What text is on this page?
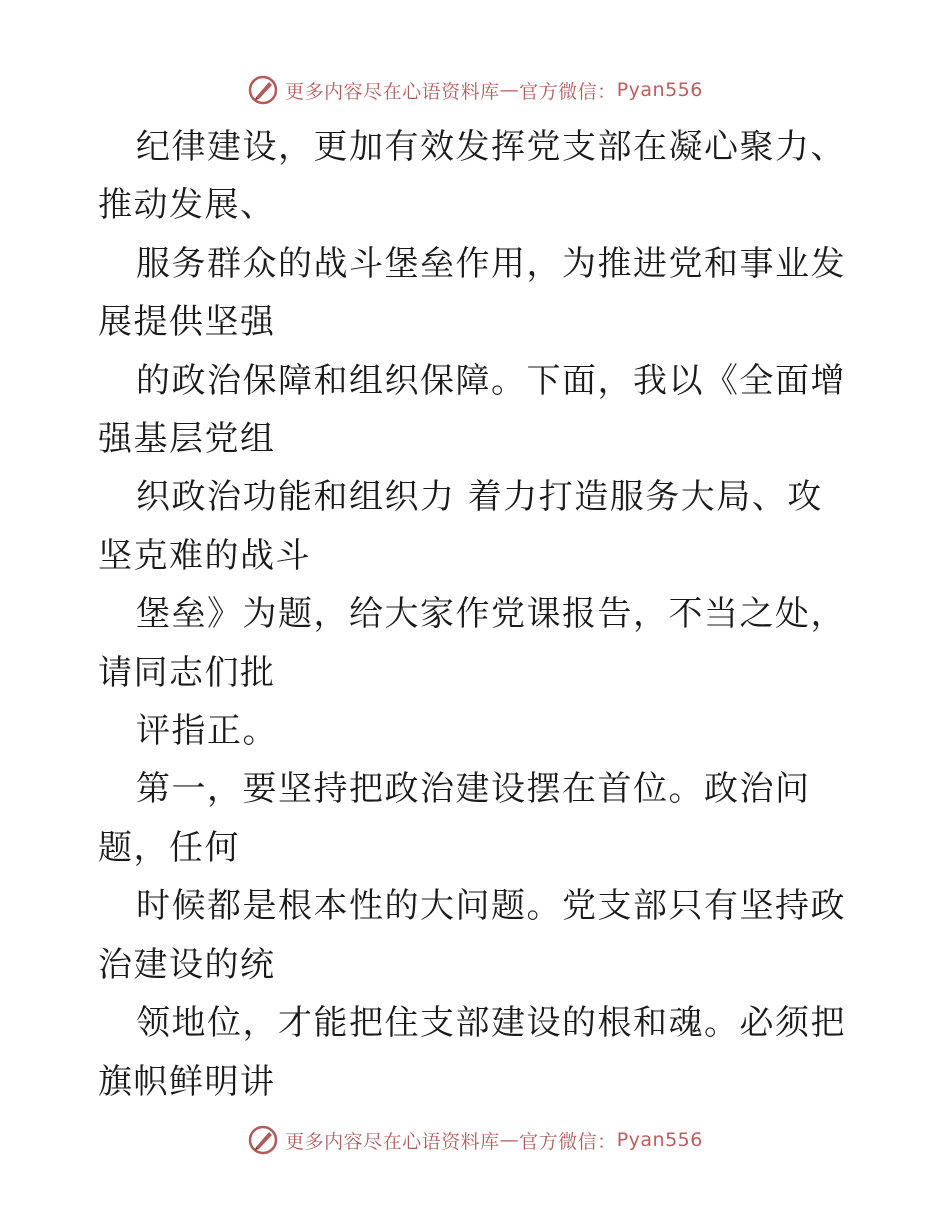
更多内容尽在心语资料库 — 官方微信： Pyan556

纪律建设，更加有效发挥党支部在凝心聚力、推动发展、

服务群众的战斗堡垒作用，为推进党和事业发展提供坚强

的政治保障和组织保障。下面，我以《全面增强基层党组

织政治功能和组织力 着力打造服务大局、攻坚克难的战斗

堡垒》为题，给大家作党课报告，不当之处，请同志们批

评指正。

第一，要坚持把政治建设摆在首位。政治问题，任何

时候都是根本性的大问题。党支部只有坚持政治建设的统

领地位，才能把住支部建设的根和魂。必须把旗帜鲜明讲

更多内容尽在心语资料库 — 官方微信： Pyan556
